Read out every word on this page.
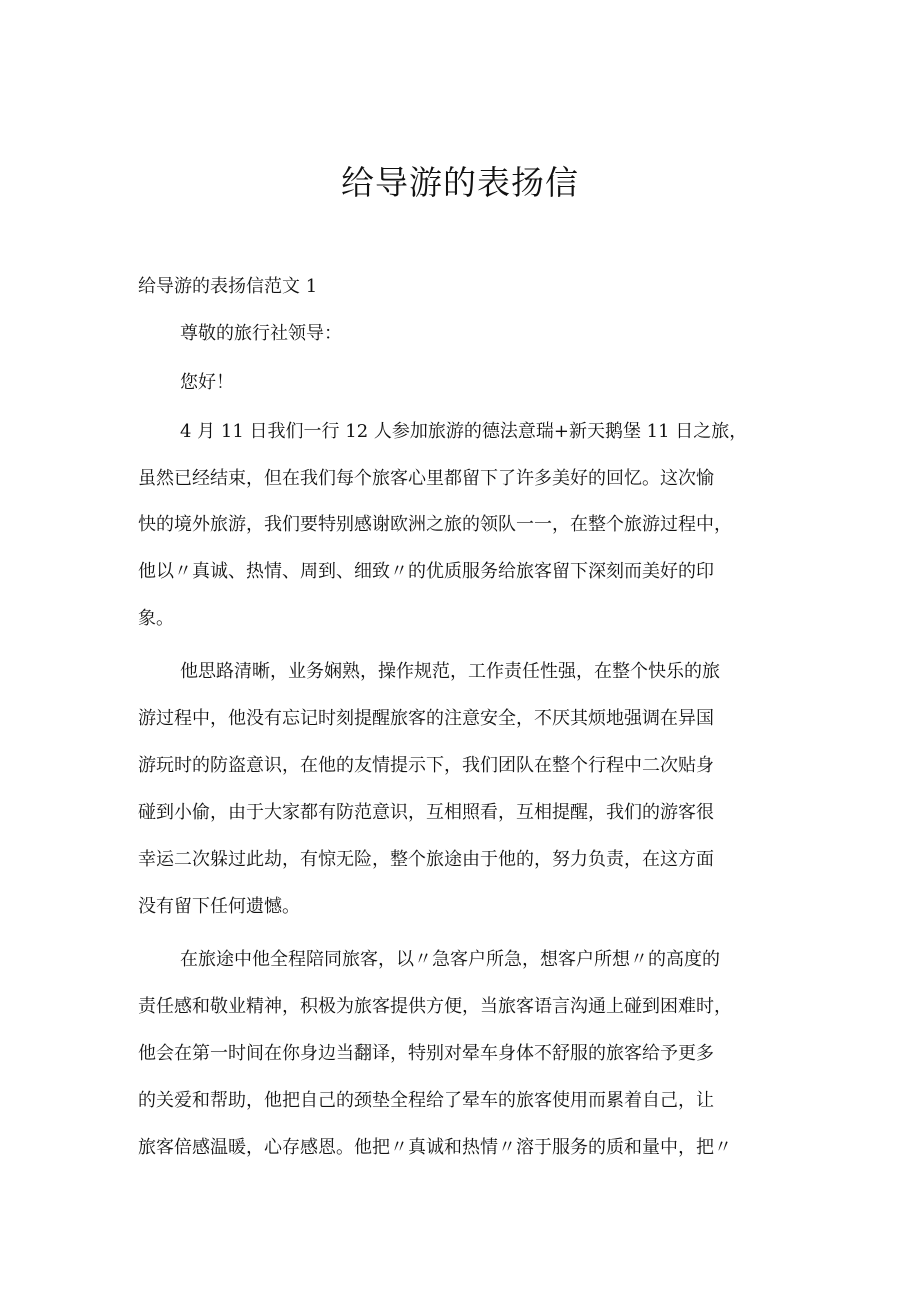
给导游的表扬信
给导游的表扬信范文 1
尊敬的旅行社领导：
您好！
4 月 11 日我们一行 12 人参加旅游的德法意瑞+新天鹅堡 11 日之旅，
虽然已经结束，但在我们每个旅客心里都留下了许多美好的回忆。这次愉
快的境外旅游，我们要特别感谢欧洲之旅的领队一一，在整个旅游过程中，
他以〃真诚、热情、周到、细致〃的优质服务给旅客留下深刻而美好的印
象。
他思路清晰，业务娴熟，操作规范，工作责任性强，在整个快乐的旅
游过程中，他没有忘记时刻提醒旅客的注意安全，不厌其烦地强调在异国
游玩时的防盗意识，在他的友情提示下，我们团队在整个行程中二次贴身
碰到小偷，由于大家都有防范意识，互相照看，互相提醒，我们的游客很
幸运二次躲过此劫，有惊无险，整个旅途由于他的，努力负责，在这方面
没有留下任何遗憾。
在旅途中他全程陪同旅客，以〃急客户所急，想客户所想〃的高度的
责任感和敬业精神，积极为旅客提供方便，当旅客语言沟通上碰到困难时，
他会在第一时间在你身边当翻译，特别对晕车身体不舒服的旅客给予更多
的关爱和帮助，他把自己的颈垫全程给了晕车的旅客使用而累着自己，让
旅客倍感温暖，心存感恩。他把〃真诚和热情〃溶于服务的质和量中，把〃
